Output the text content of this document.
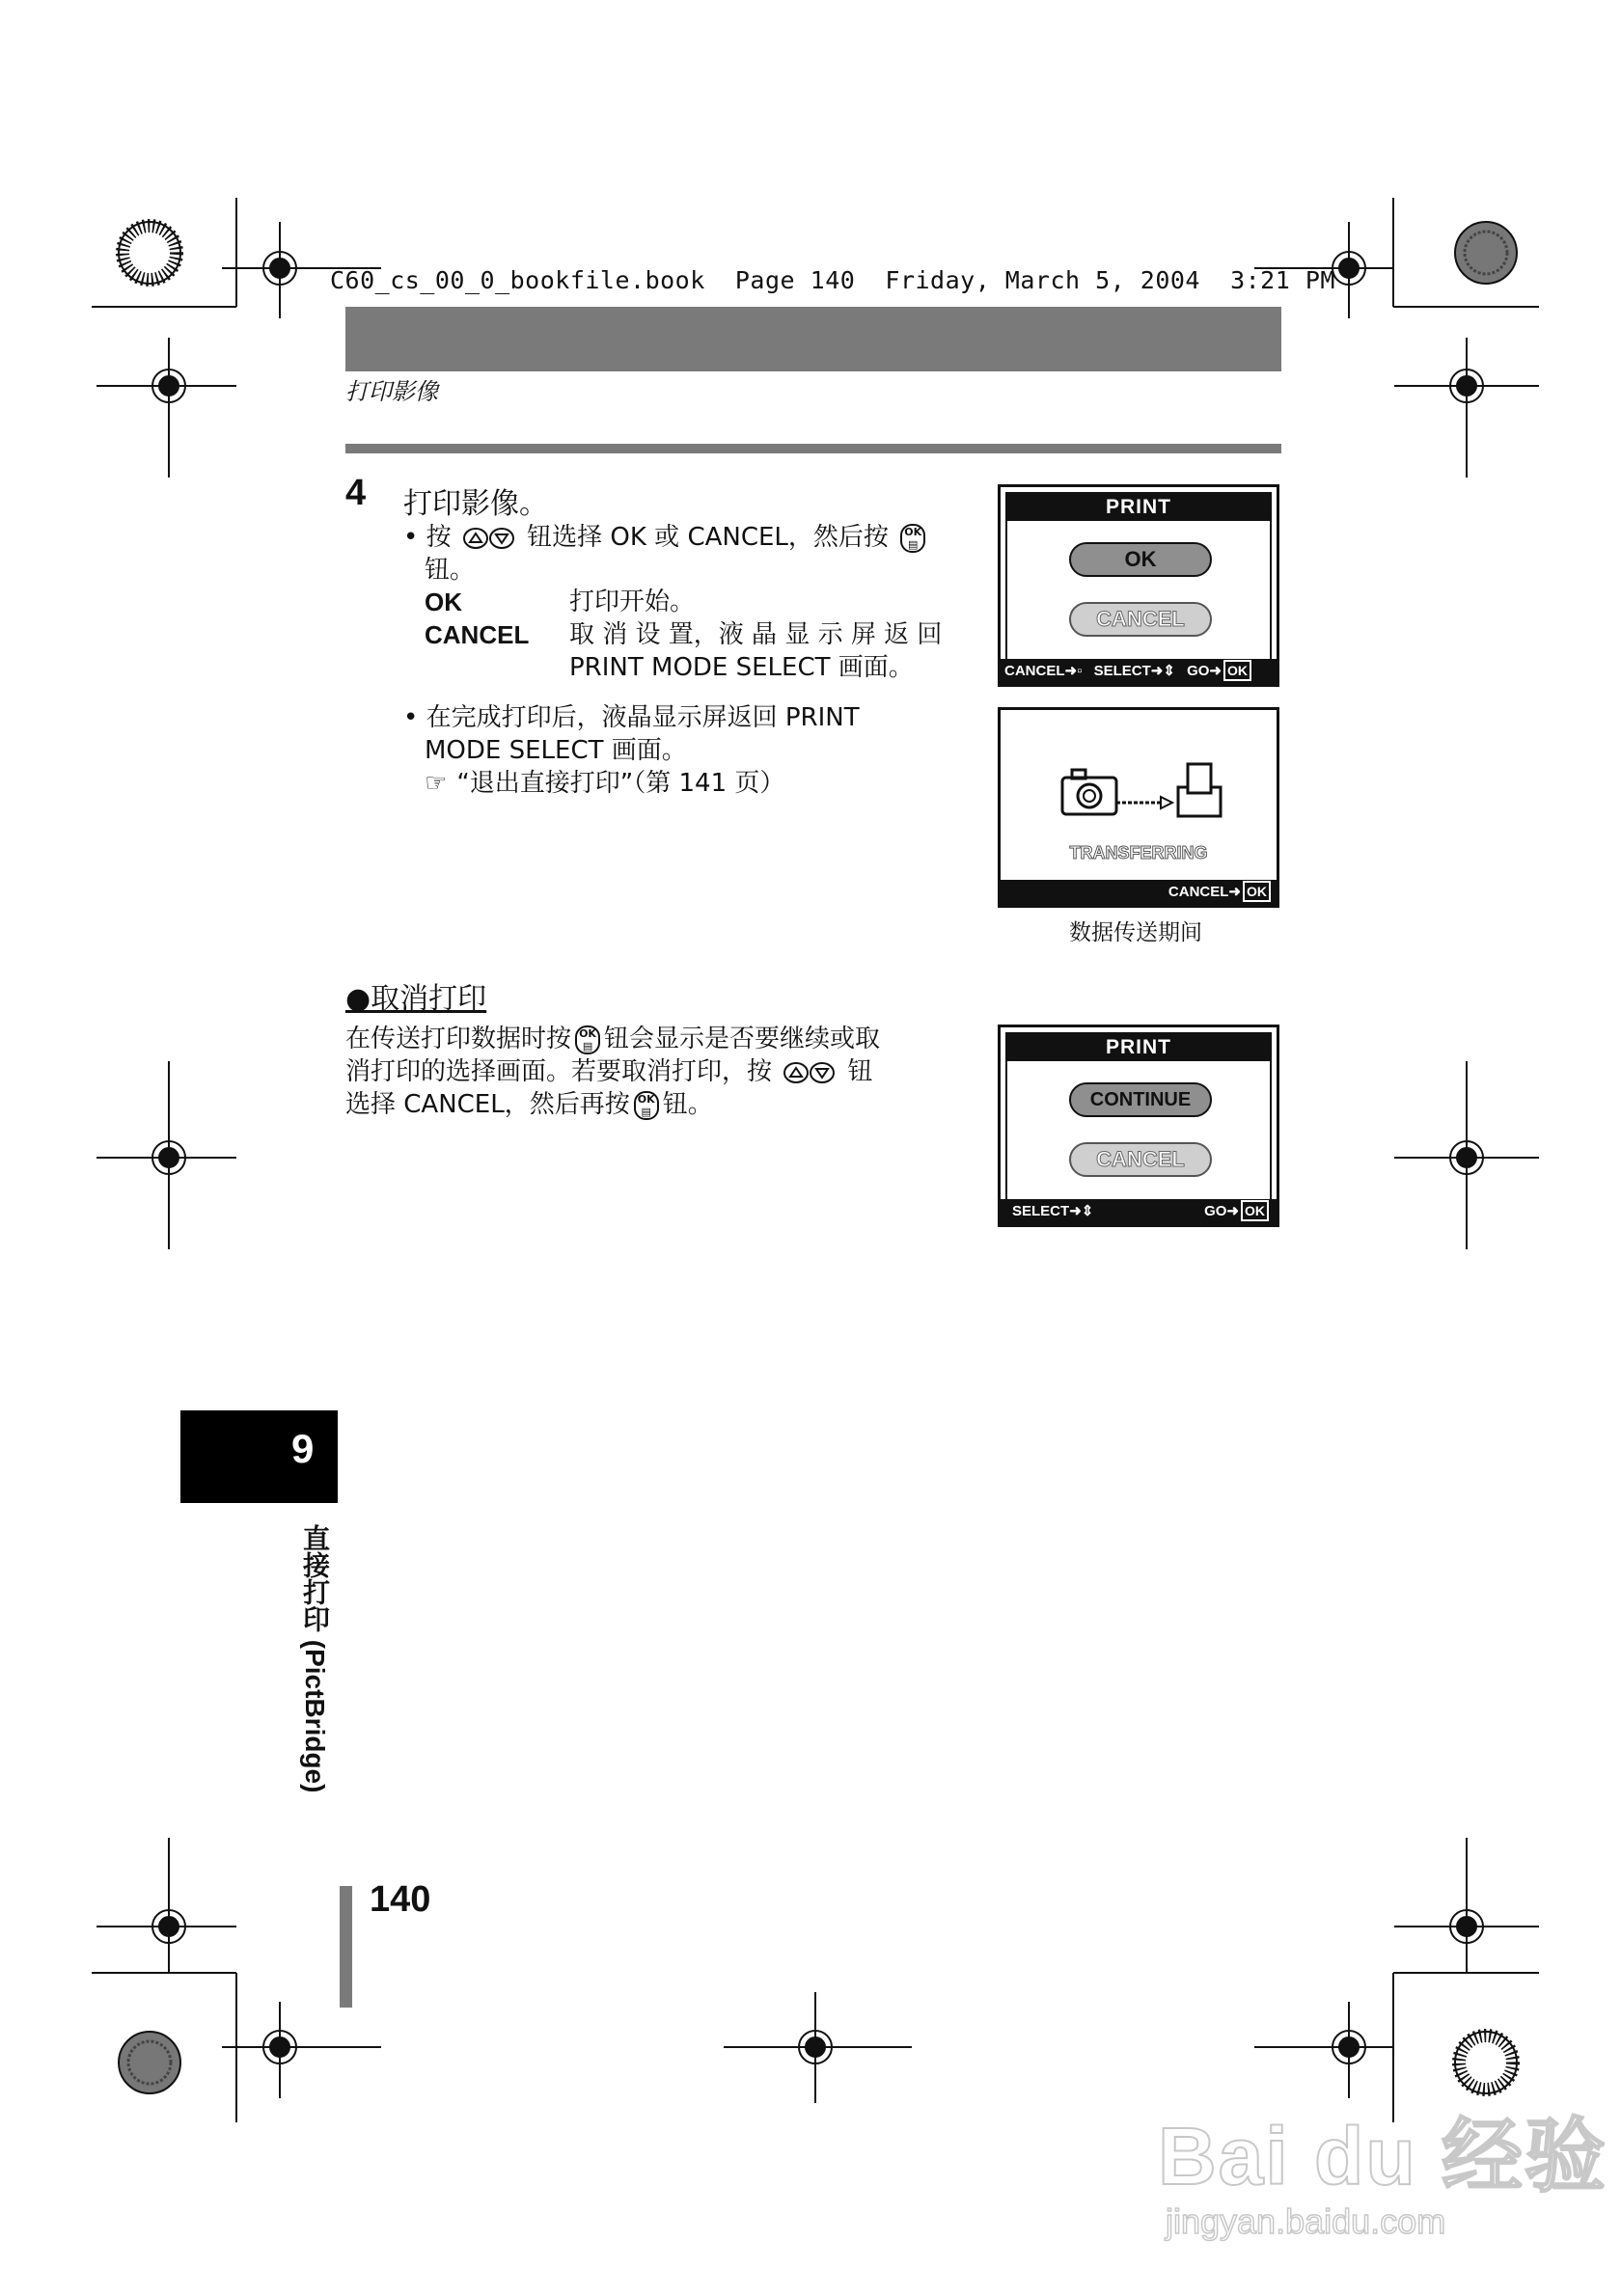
C60_cs_00_0_bookfile.book  Page 140  Friday, March 5, 2004  3:21 PM
打印影像
4 打印影像。
• 按	钮选择 OK 或 CANCEL，然后按 OK
▤
钮。
OK	打印开始。
CANCEL 取 消 设 置，液 晶 显 示 屏 返 回
PRINT MODE SELECT 画面。
• 在完成打印后，液晶显示屏返回 PRINT
MODE SELECT 画面。
☞ “退出直接打印”（第 141 页）
PRINT
OK
CANCEL
CANCEL➜▫ SELECT➜⇕ GO➜ OK
TRANSFERRING
CANCEL➜ OK
数据传送期间
●取消打印
在传送打印数据时按 OK
▤ 钮会显示是否要继续或取
消打印的选择画面。若要取消打印，按	钮
选择 CANCEL，然后再按 OK
▤ 钮。
PRINT
CONTINUE
CANCEL
SELECT➜⇕	GO➜ OK
9
直接打印 (PictBridge)
140
Bai du 经验
jingyan.baidu.com
